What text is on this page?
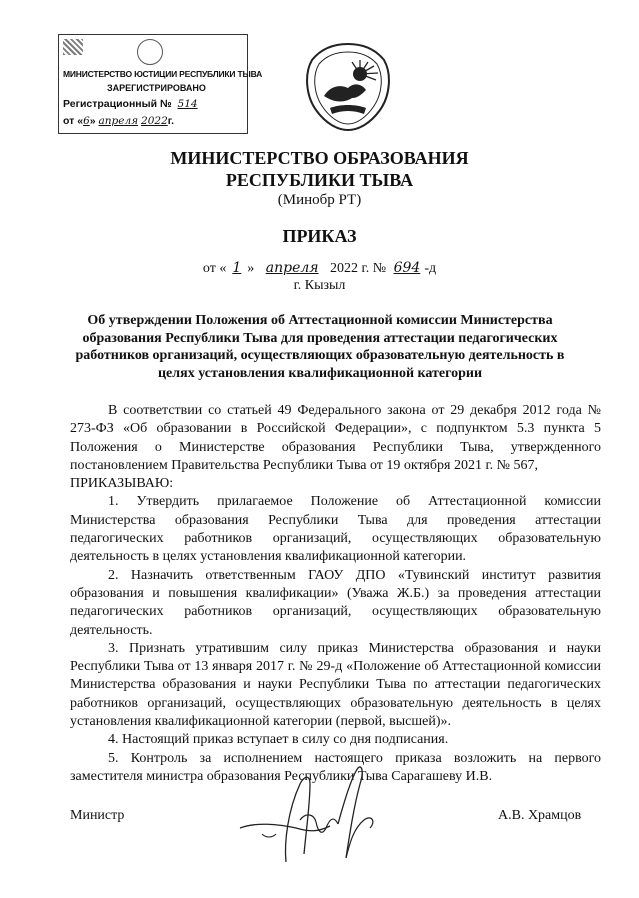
МИНИСТЕРСТВО ЮСТИЦИИ РЕСПУБЛИКИ ТЫВА
ЗАРЕГИСТРИРОВАНО
Регистрационный № 514
от «6» апреля 2022г.
МИНИСТЕРСТВО ОБРАЗОВАНИЯ
РЕСПУБЛИКИ ТЫВА
(Минобр РТ)
ПРИКАЗ
от « 1 » апреля 2022 г. № 694 -д
г. Кызыл
Об утверждении Положения об Аттестационной комиссии Министерства образования Республики Тыва для проведения аттестации педагогических работников организаций, осуществляющих образовательную деятельность в целях установления квалификационной категории

В соответствии со статьей 49 Федерального закона от 29 декабря 2012 года № 273-ФЗ «Об образовании в Российской Федерации», с подпунктом 5.3 пункта 5 Положения о Министерстве образования Республики Тыва, утвержденного постановлением Правительства Республики Тыва от 19 октября 2021 г. № 567,

ПРИКАЗЫВАЮ:

1. Утвердить прилагаемое Положение об Аттестационной комиссии Министерства образования Республики Тыва для проведения аттестации педагогических работников организаций, осуществляющих образовательную деятельность в целях установления квалификационной категории.

2. Назначить ответственным ГАОУ ДПО «Тувинский институт развития образования и повышения квалификации» (Уважа Ж.Б.) за проведения аттестации педагогических работников организаций, осуществляющих образовательную деятельность.

3. Признать утратившим силу приказ Министерства образования и науки Республики Тыва от 13 января 2017 г. № 29-д «Положение об Аттестационной комиссии Министерства образования и науки Республики Тыва по аттестации педагогических работников организаций, осуществляющих образовательную деятельность в целях установления квалификационной категории (первой, высшей)».

4. Настоящий приказ вступает в силу со дня подписания.

5. Контроль за исполнением настоящего приказа возложить на первого заместителя министра образования Республики Тыва Сарагашеву И.В.

Министр	А.В. Храмцов
